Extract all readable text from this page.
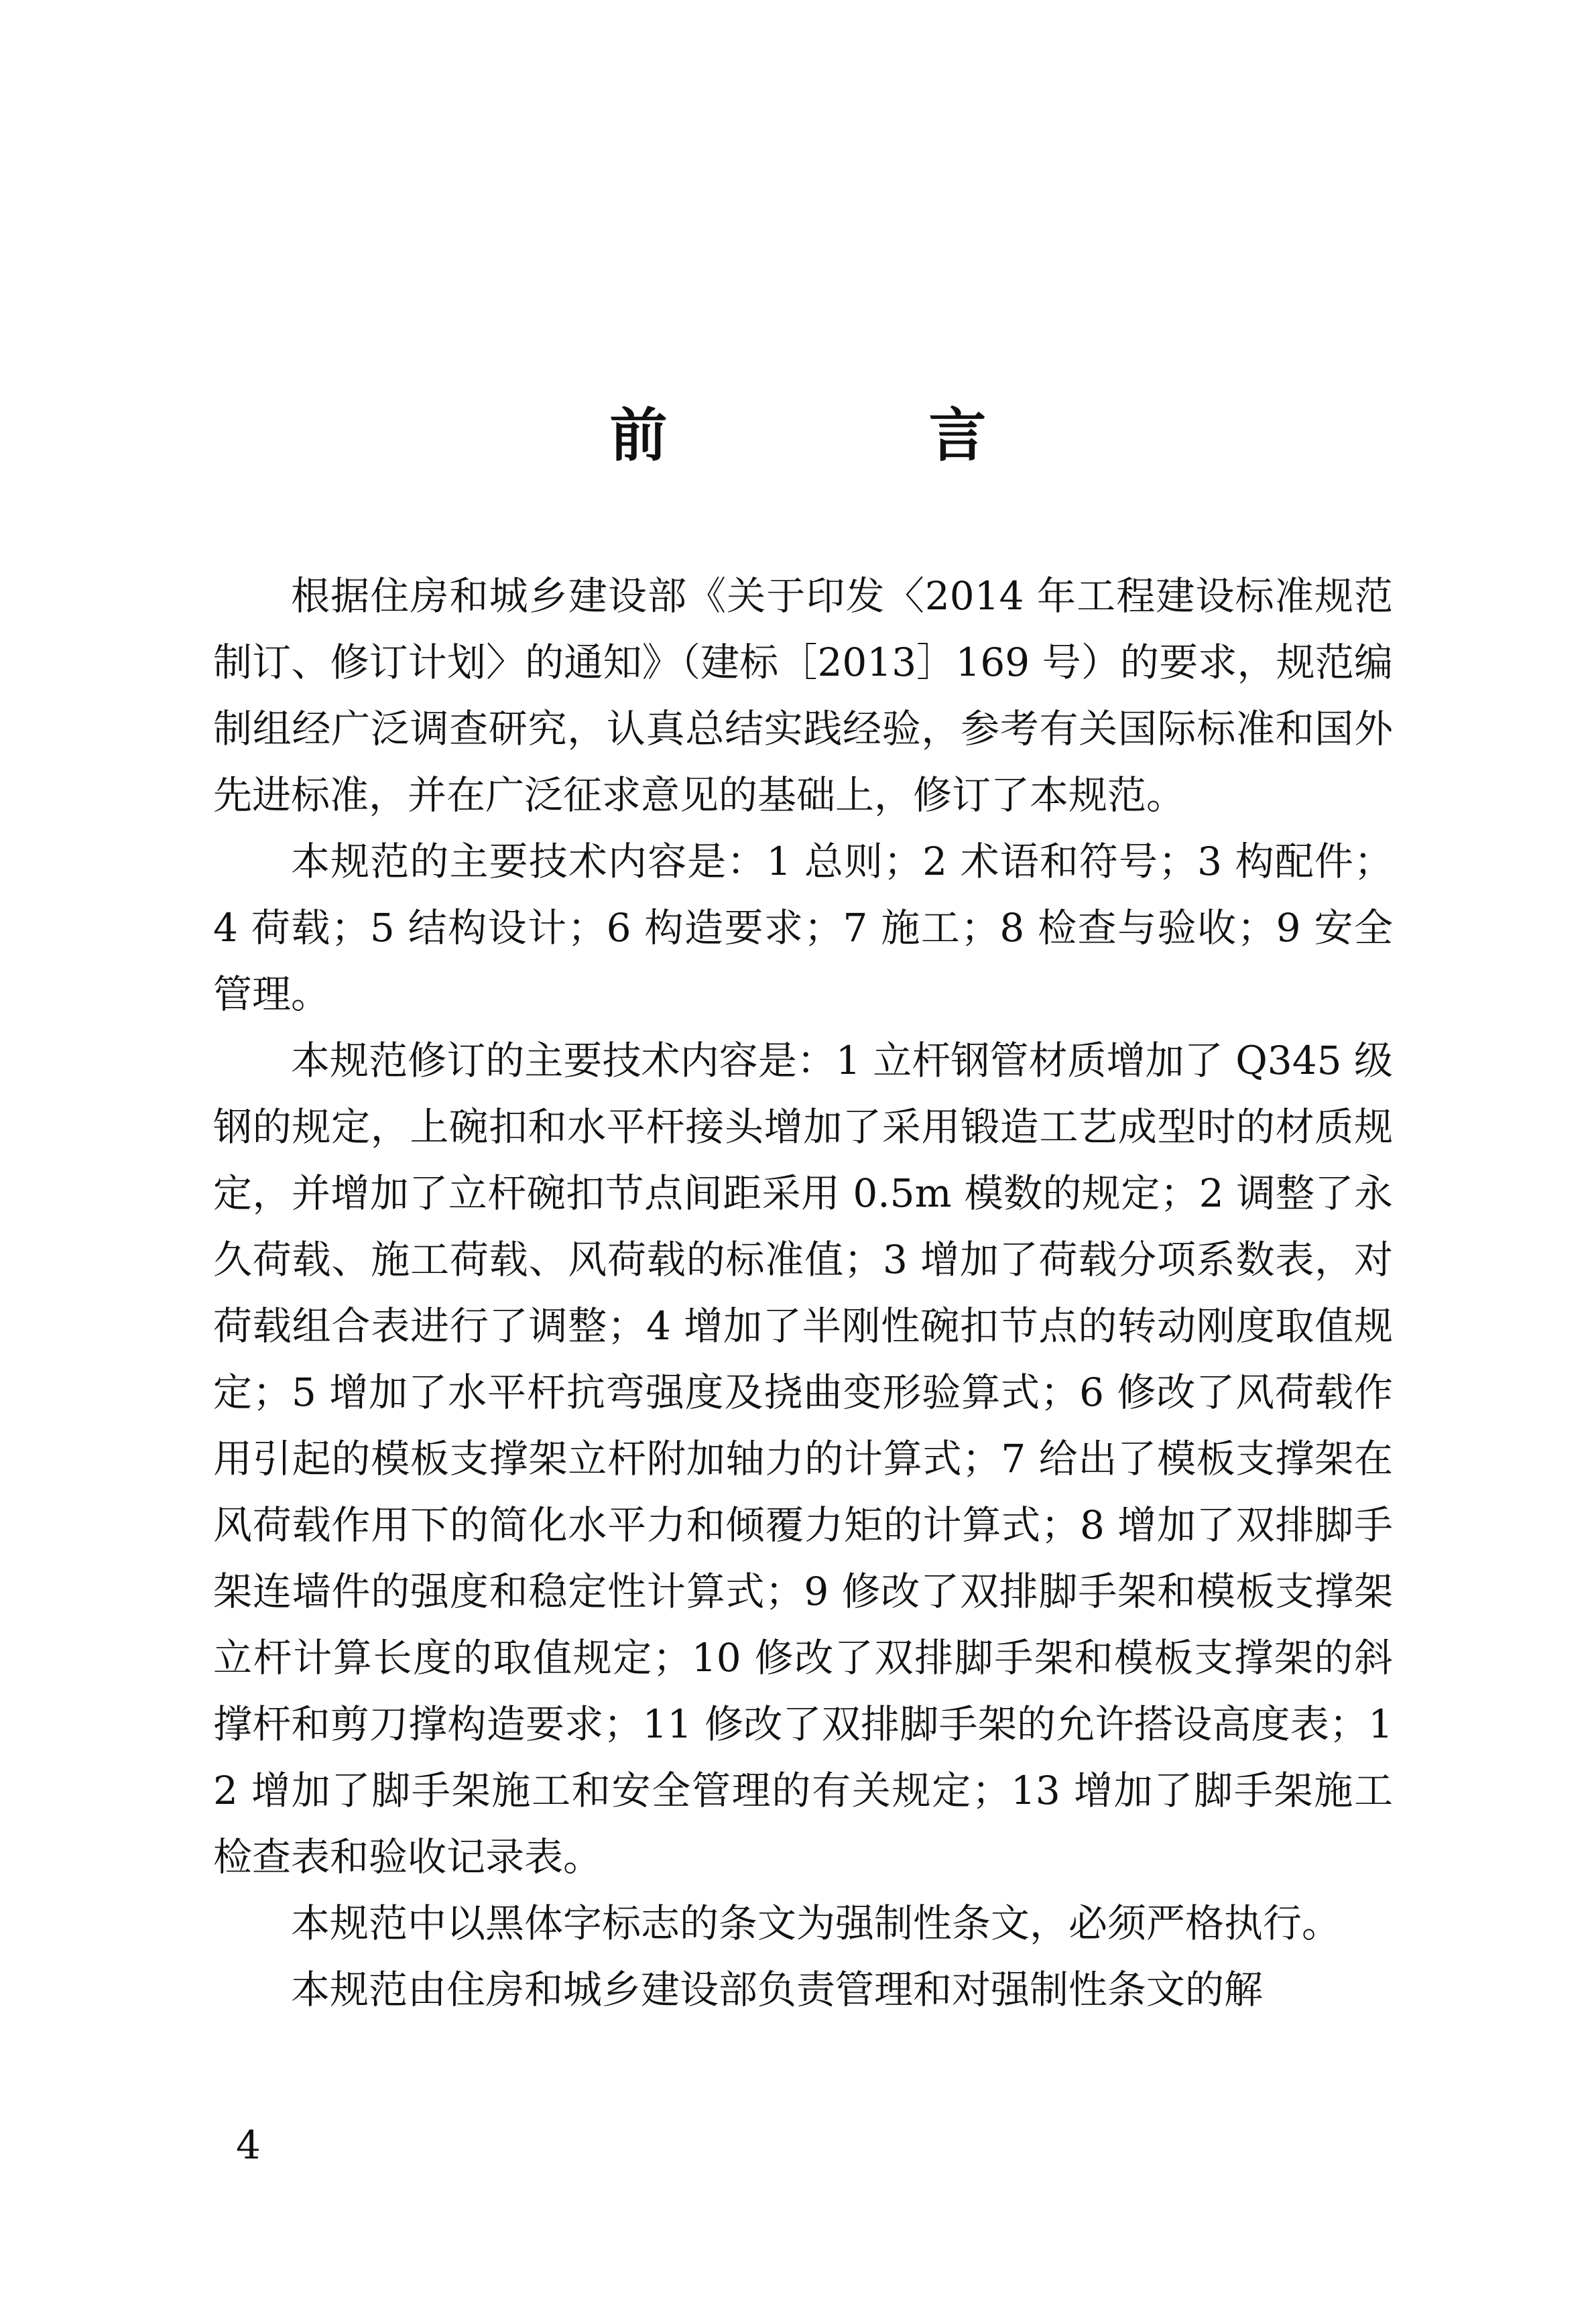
前 言

根据住房和城乡建设部《关于印发〈2014 年工程建设标准规范制订、修订计划〉的通知》（建标［2013］169 号）的要求，规范编制组经广泛调查研究，认真总结实践经验，参考有关国际标准和国外先进标准，并在广泛征求意见的基础上，修订了本规范。

本规范的主要技术内容是：1 总则；2 术语和符号；3 构配件；4 荷载；5 结构设计；6 构造要求；7 施工；8 检查与验收；9 安全管理。

本规范修订的主要技术内容是：1 立杆钢管材质增加了 Q345 级钢的规定，上碗扣和水平杆接头增加了采用锻造工艺成型时的材质规定，并增加了立杆碗扣节点间距采用 0.5m 模数的规定；2 调整了永久荷载、施工荷载、风荷载的标准值；3 增加了荷载分项系数表，对荷载组合表进行了调整；4 增加了半刚性碗扣节点的转动刚度取值规定；5 增加了水平杆抗弯强度及挠曲变形验算式；6 修改了风荷载作用引起的模板支撑架立杆附加轴力的计算式；7 给出了模板支撑架在风荷载作用下的简化水平力和倾覆力矩的计算式；8 增加了双排脚手架连墙件的强度和稳定性计算式；9 修改了双排脚手架和模板支撑架立杆计算长度的取值规定；10 修改了双排脚手架和模板支撑架的斜撑杆和剪刀撑构造要求；11 修改了双排脚手架的允许搭设高度表；12 增加了脚手架施工和安全管理的有关规定；13 增加了脚手架施工检查表和验收记录表。

本规范中以黑体字标志的条文为强制性条文，必须严格执行。

本规范由住房和城乡建设部负责管理和对强制性条文的解

4
